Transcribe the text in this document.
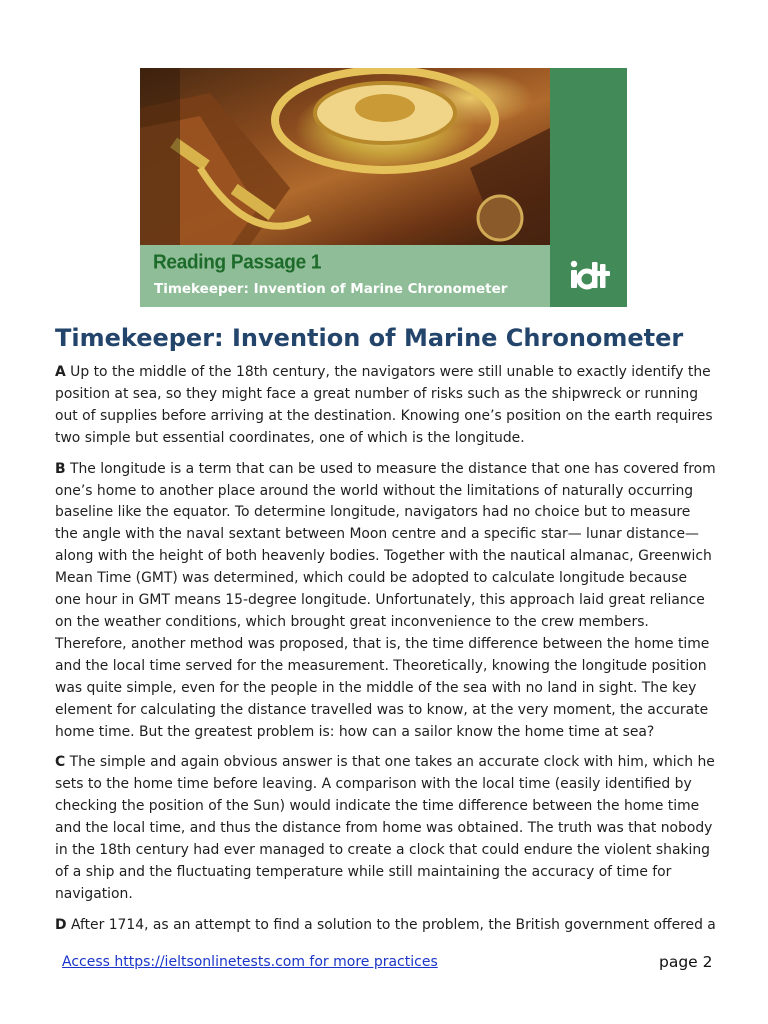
Reading Passage 1
Timekeeper: Invention of Marine Chronometer
Timekeeper: Invention of Marine Chronometer

A Up to the middle of the 18th century, the navigators were still unable to exactly identify the position at sea, so they might face a great number of risks such as the shipwreck or running out of supplies before arriving at the destination. Knowing one’s position on the earth requires two simple but essential coordinates, one of which is the longitude.

B The longitude is a term that can be used to measure the distance that one has covered from one’s home to another place around the world without the limitations of naturally occurring baseline like the equator. To determine longitude, navigators had no choice but to measure the angle with the naval sextant between Moon centre and a specific star— lunar distance—along with the height of both heavenly bodies. Together with the nautical almanac, Greenwich Mean Time (GMT) was determined, which could be adopted to calculate longitude because one hour in GMT means 15-degree longitude. Unfortunately, this approach laid great reliance on the weather conditions, which brought great inconvenience to the crew members. Therefore, another method was proposed, that is, the time difference between the home time and the local time served for the measurement. Theoretically, knowing the longitude position was quite simple, even for the people in the middle of the sea with no land in sight. The key element for calculating the distance travelled was to know, at the very moment, the accurate home time. But the greatest problem is: how can a sailor know the home time at sea?

C The simple and again obvious answer is that one takes an accurate clock with him, which he sets to the home time before leaving. A comparison with the local time (easily identified by checking the position of the Sun) would indicate the time difference between the home time and the local time, and thus the distance from home was obtained. The truth was that nobody in the 18th century had ever managed to create a clock that could endure the violent shaking of a ship and the fluctuating temperature while still maintaining the accuracy of time for navigation.

D After 1714, as an attempt to find a solution to the problem, the British government offered a

Access https://ieltsonlinetests.com for more practices	page 2
